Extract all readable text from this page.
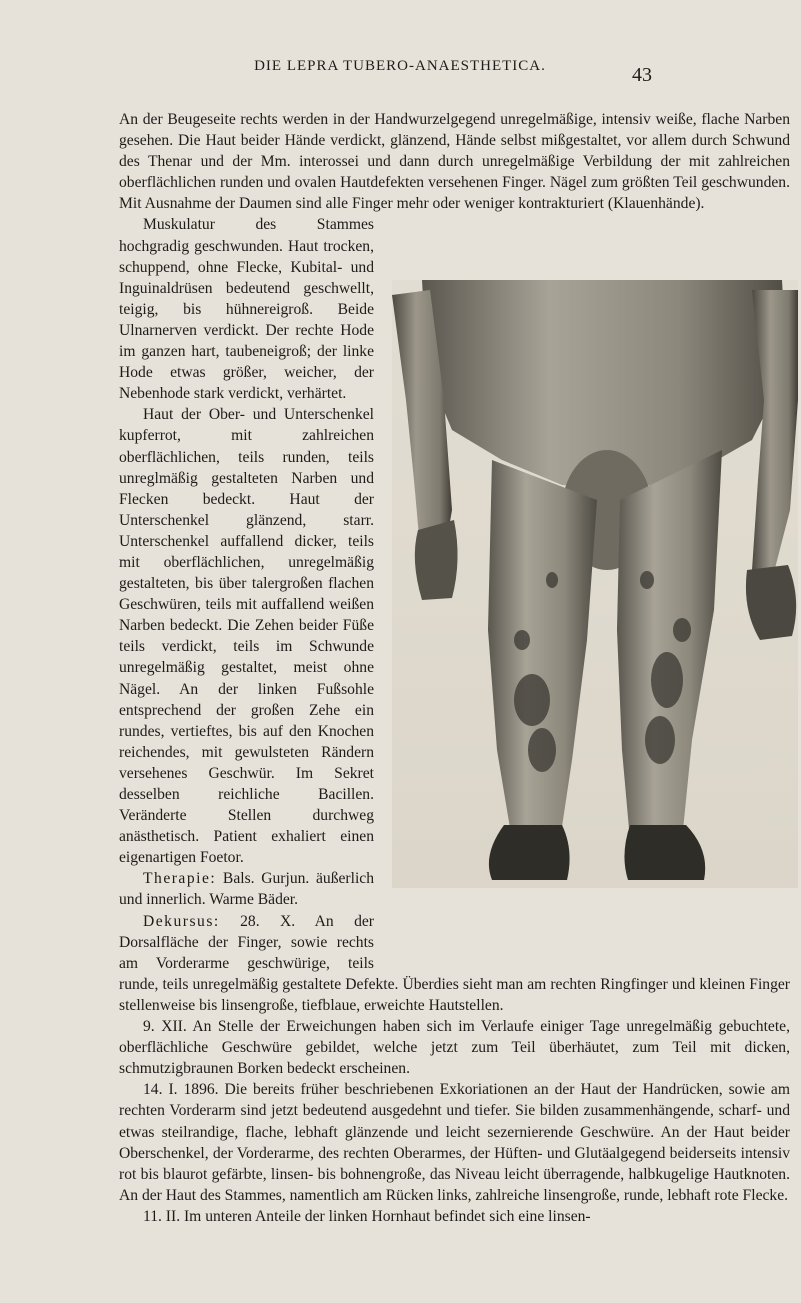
DIE LEPRA TUBERO-ANAESTHETICA.	43

An der Beugeseite rechts werden in der Handwurzelgegend unregelmäßige, intensiv weiße, flache Narben gesehen. Die Haut beider Hände verdickt, glänzend, Hände selbst mißgestaltet, vor allem durch Schwund des Thenar und der Mm. interossei und dann durch unregelmäßige Verbildung der mit zahlreichen oberflächlichen runden und ovalen Hautdefekten versehenen Finger. Nägel zum größten Teil geschwunden. Mit Ausnahme der Daumen sind alle Finger mehr oder weniger kontrakturiert (Klauenhände).

Muskulatur des Stammes hochgradig geschwunden. Haut trocken, schuppend, ohne Flecke, Kubital- und Inguinaldrüsen bedeutend geschwellt, teigig, bis hühnereigroß. Beide Ulnarnerven verdickt. Der rechte Hode im ganzen hart, taubeneigroß; der linke Hode etwas größer, weicher, der Nebenhode stark verdickt, verhärtet.

Haut der Ober- und Unterschenkel kupferrot, mit zahlreichen oberflächlichen, teils runden, teils unreglmäßig gestalteten Narben und Flecken bedeckt. Haut der Unterschenkel glänzend, starr. Unterschenkel auffallend dicker, teils mit oberflächlichen, unregelmäßig gestalteten, bis über talergroßen flachen Geschwüren, teils mit auffallend weißen Narben bedeckt. Die Zehen beider Füße teils verdickt, teils im Schwunde unregelmäßig gestaltet, meist ohne Nägel. An der linken Fußsohle entsprechend der großen Zehe ein rundes, vertieftes, bis auf den Knochen reichendes, mit gewulsteten Rändern versehenes Geschwür. Im Sekret desselben reichliche Bacillen. Veränderte Stellen durchweg anästhetisch. Patient exhaliert einen eigenartigen Foetor.

Therapie: Bals. Gurjun. äußerlich und innerlich. Warme Bäder.

Dekursus: 28. X. An der Dorsalfläche der Finger, sowie rechts am Vorderarme geschwürige, teils runde, teils unregelmäßig gestaltete Defekte. Überdies sieht man am rechten Ringfinger und kleinen Finger stellenweise bis linsengroße, tiefblaue, erweichte Hautstellen.

9. XII. An Stelle der Erweichungen haben sich im Verlaufe einiger Tage unregelmäßig gebuchtete, oberflächliche Geschwüre gebildet, welche jetzt zum Teil überhäutet, zum Teil mit dicken, schmutzigbraunen Borken bedeckt erscheinen.

14. I. 1896. Die bereits früher beschriebenen Exkoriationen an der Haut der Handrücken, sowie am rechten Vorderarm sind jetzt bedeutend ausgedehnt und tiefer. Sie bilden zusammenhängende, scharf- und etwas steilrandige, flache, lebhaft glänzende und leicht sezernierende Geschwüre. An der Haut beider Oberschenkel, der Vorderarme, des rechten Oberarmes, der Hüften- und Glutäalgegend beiderseits intensiv rot bis blaurot gefärbte, linsen- bis bohnengroße, das Niveau leicht überragende, halbkugelige Hautknoten. An der Haut des Stammes, namentlich am Rücken links, zahlreiche linsengroße, runde, lebhaft rote Flecke.

11. II. Im unteren Anteile der linken Hornhaut befindet sich eine linsen-
